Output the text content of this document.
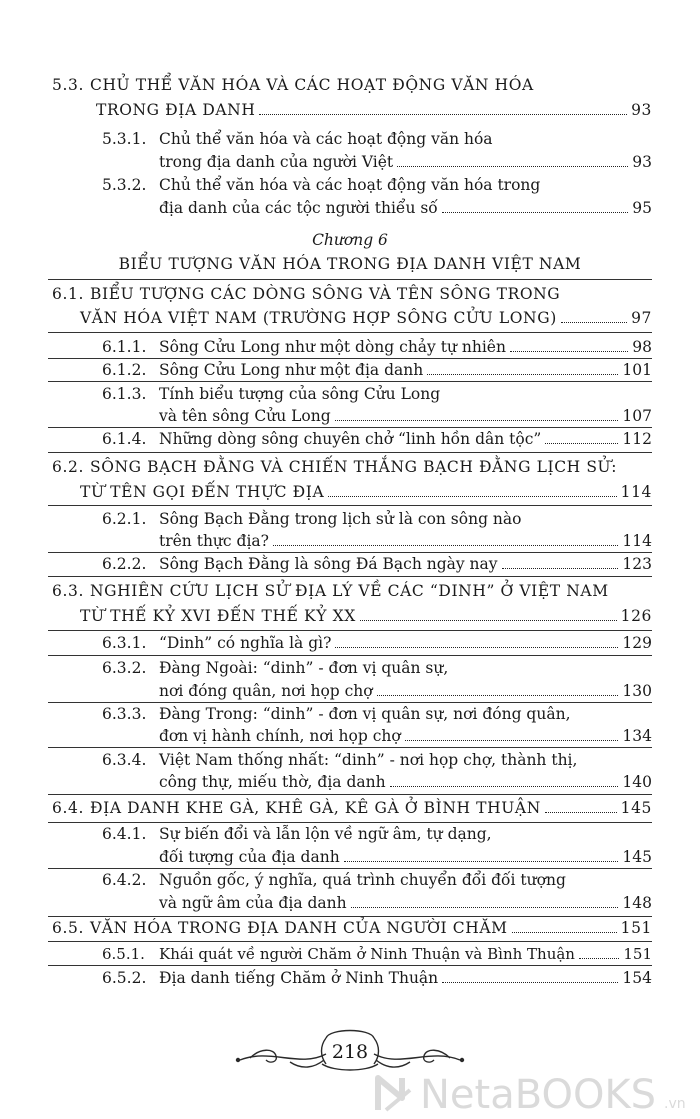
5.3. CHỦ THỂ VĂN HÓA VÀ CÁC HOẠT ĐỘNG VĂN HÓA
TRONG ĐỊA DANH	93
5.3.1. Chủ thể văn hóa và các hoạt động văn hóa
trong địa danh của người Việt	93
5.3.2. Chủ thể văn hóa và các hoạt động văn hóa trong
địa danh của các tộc người thiểu số	95
Chương 6
BIỂU TƯỢNG VĂN HÓA TRONG ĐỊA DANH VIỆT NAM
6.1. BIỂU TƯỢNG CÁC DÒNG SÔNG VÀ TÊN SÔNG TRONG
VĂN HÓA VIỆT NAM (TRƯỜNG HỢP SÔNG CỬU LONG)	97
6.1.1. Sông Cửu Long như một dòng chảy tự nhiên	98
6.1.2. Sông Cửu Long như một địa danh	101
6.1.3. Tính biểu tượng của sông Cửu Long
và tên sông Cửu Long	107
6.1.4. Những dòng sông chuyên chở “linh hồn dân tộc”	112
6.2. SÔNG BẠCH ĐẰNG VÀ CHIẾN THẮNG BẠCH ĐẰNG LỊCH SỬ:
TỪ TÊN GỌI ĐẾN THỰC ĐỊA	114
6.2.1. Sông Bạch Đằng trong lịch sử là con sông nào
trên thực địa?	114
6.2.2. Sông Bạch Đằng là sông Đá Bạch ngày nay	123
6.3. NGHIÊN CỨU LỊCH SỬ ĐỊA LÝ VỀ CÁC “DINH” Ở VIỆT NAM
TỪ THẾ KỶ XVI ĐẾN THẾ KỶ XX	126
6.3.1. “Dinh” có nghĩa là gì?	129
6.3.2. Đàng Ngoài: “dinh” - đơn vị quân sự,
nơi đóng quân, nơi họp chợ	130
6.3.3. Đàng Trong: “dinh” - đơn vị quân sự, nơi đóng quân,
đơn vị hành chính, nơi họp chợ	134
6.3.4. Việt Nam thống nhất: “dinh” - nơi họp chợ, thành thị,
công thự, miếu thờ, địa danh	140
6.4. ĐỊA DANH KHE GÀ, KHÊ GÀ, KÊ GÀ Ở BÌNH THUẬN	145
6.4.1. Sự biến đổi và lẫn lộn về ngữ âm, tự dạng,
đối tượng của địa danh	145
6.4.2. Nguồn gốc, ý nghĩa, quá trình chuyển đổi đối tượng
và ngữ âm của địa danh	148
6.5. VĂN HÓA TRONG ĐỊA DANH CỦA NGƯỜI CHĂM	151
6.5.1. Khái quát về người Chăm ở Ninh Thuận và Bình Thuận	151
6.5.2. Địa danh tiếng Chăm ở Ninh Thuận	154
218
NetaBOOKS .vn
